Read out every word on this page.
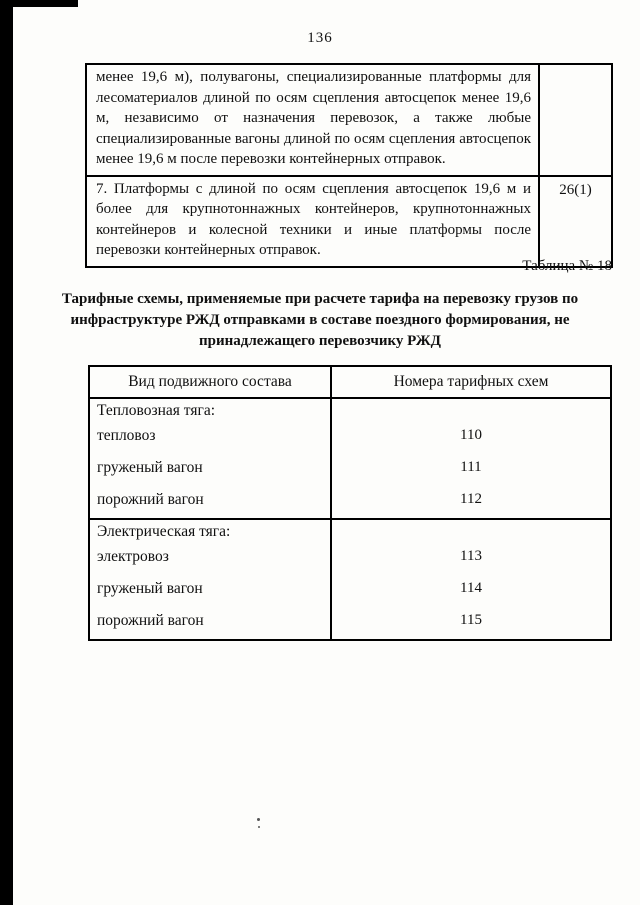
136
менее 19,6 м), полувагоны, специализированные платформы для лесоматериалов длиной по осям сцепления автосцепок менее 19,6 м, независимо от назначения перевозок, а также любые специализированные вагоны длиной по осям сцепления автосцепок менее 19,6 м после перевозки контейнерных отправок.	
7. Платформы с длиной по осям сцепления автосцепок 19,6 м и более для крупнотоннажных контейнеров, крупнотоннажных контейнеров и колесной техники и иные платформы после перевозки контейнерных отправок.	26(1)
Таблица № 18
Тарифные схемы, применяемые при расчете тарифа на перевозку грузов по инфраструктуре РЖД отправками в составе поездного формирования, не принадлежащего перевозчику РЖД
Вид подвижного состава	Номера тарифных схем
Тепловозная тяга:	
тепловоз	110
груженый вагон	111
порожний вагон	112
Электрическая тяга:	
электровоз	113
груженый вагон	114
порожний вагон	115
